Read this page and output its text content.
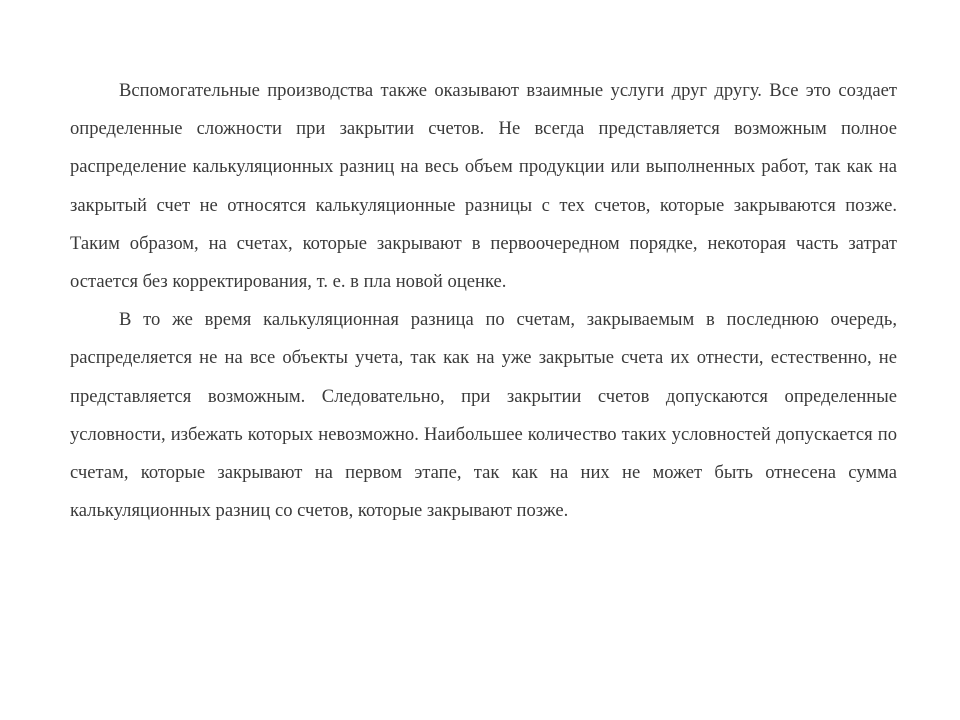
Вспомогательные производства также оказывают взаимные услуги друг другу. Все это создает определенные сложности при закрытии счетов. Не всегда представляется возможным полное распределение калькуляционных разниц на весь объем продукции или выполненных работ, так как на закрытый счет не относятся калькуляционные разницы с тех счетов, которые закрываются позже. Таким образом, на счетах, которые закрывают в первоочередном порядке, некоторая часть затрат остается без корректирования, т. е. в пла новой оценке.

В то же время калькуляционная разница по счетам, закрываемым в последнюю очередь, распределяется не на все объекты учета, так как на уже закрытые счета их отнести, естественно, не представляется возможным. Следовательно, при закрытии счетов допускаются определенные условности, избежать которых невозможно. Наибольшее количество таких условностей допускается по счетам, которые закрывают на первом этапе, так как на них не может быть отнесена сумма калькуляционных разниц со счетов, которые закрывают позже.
